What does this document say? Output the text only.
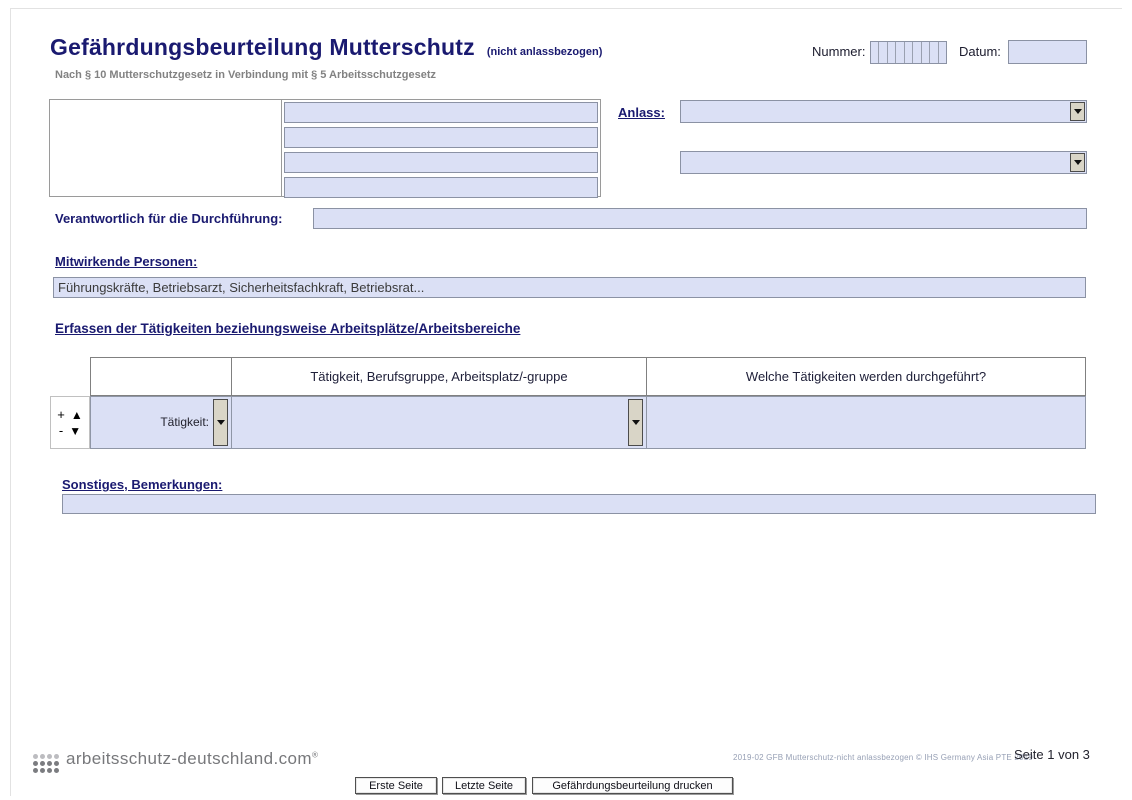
Gefährdungsbeurteilung Mutterschutz (nicht anlassbezogen)
Nach § 10 Mutterschutzgesetz in Verbindung mit § 5 Arbeitsschutzgesetz
Nummer:	Datum:
Anlass:
Verantwortlich für die Durchführung:
Mitwirkende Personen:
Führungskräfte, Betriebsarzt, Sicherheitsfachkraft, Betriebsrat...
Erfassen der Tätigkeiten beziehungsweise Arbeitsplätze/Arbeitsbereiche
Tätigkeit, Berufsgruppe, Arbeitsplatz/-gruppe	Welche Tätigkeiten werden durchgeführt?
+ ▲
- ▼
Tätigkeit:
Sonstiges, Bemerkungen:
arbeitsschutz-deutschland.com®	2019-02 GFB Mutterschutz-nicht anlassbezogen © IHS Germany Asia PTE 2019
Seite 1 von 3
Erste Seite	Letzte Seite	Gefährdungsbeurteilung drucken
